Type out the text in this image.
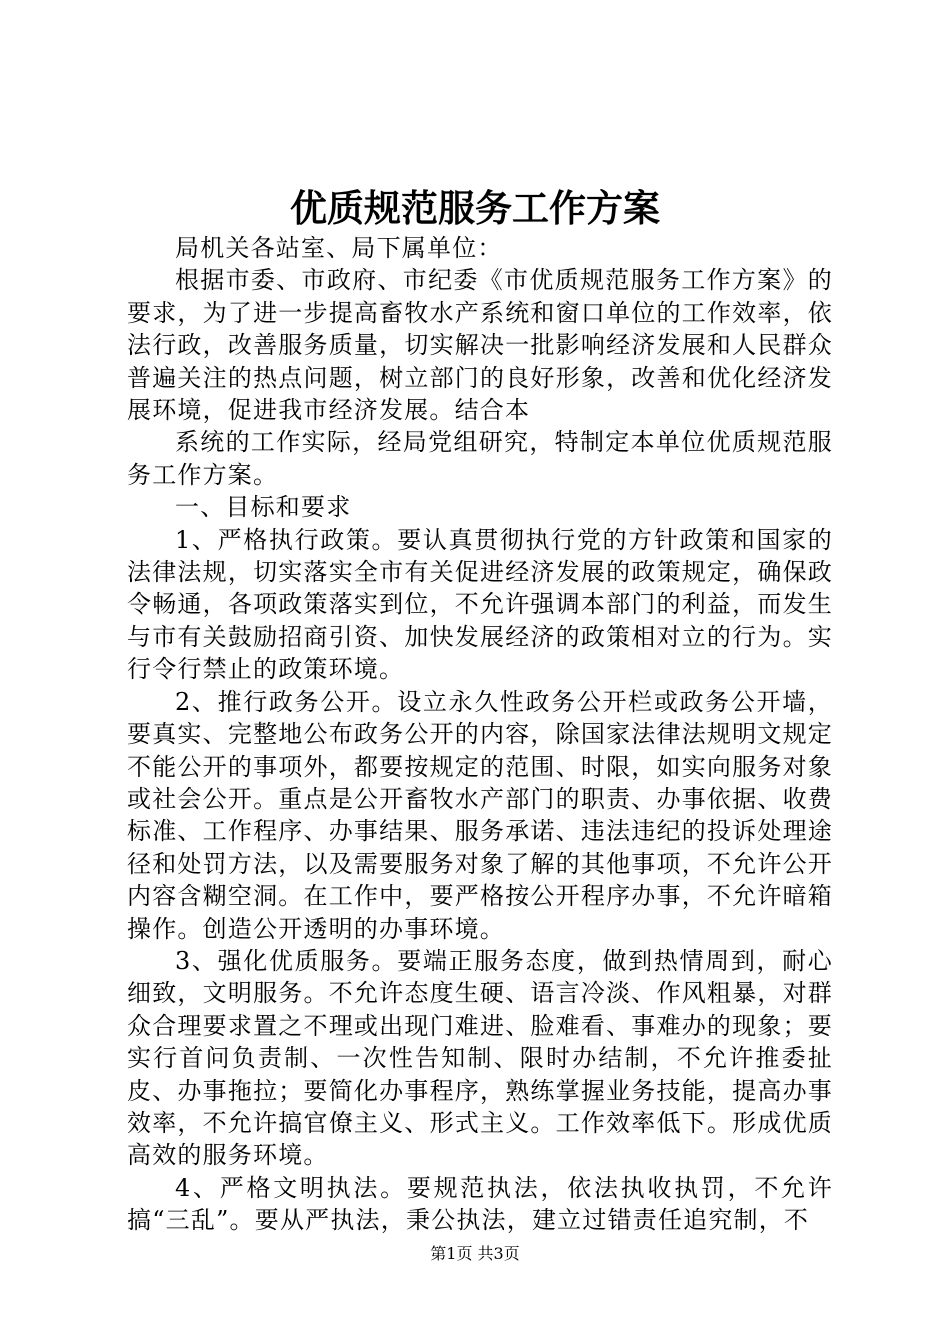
优质规范服务工作方案

局机关各站室、局下属单位：

根据市委、市政府、市纪委《市优质规范服务工作方案》的要求，为了进一步提高畜牧水产系统和窗口单位的工作效率，依法行政，改善服务质量，切实解决一批影响经济发展和人民群众普遍关注的热点问题，树立部门的良好形象，改善和优化经济发展环境，促进我市经济发展。结合本

系统的工作实际，经局党组研究，特制定本单位优质规范服务工作方案。

一、目标和要求

1、严格执行政策。要认真贯彻执行党的方针政策和国家的法律法规，切实落实全市有关促进经济发展的政策规定，确保政令畅通，各项政策落实到位，不允许强调本部门的利益，而发生与市有关鼓励招商引资、加快发展经济的政策相对立的行为。实行令行禁止的政策环境。

2、推行政务公开。设立永久性政务公开栏或政务公开墙，要真实、完整地公布政务公开的内容，除国家法律法规明文规定不能公开的事项外，都要按规定的范围、时限，如实向服务对象或社会公开。重点是公开畜牧水产部门的职责、办事依据、收费标准、工作程序、办事结果、服务承诺、违法违纪的投诉处理途径和处罚方法，以及需要服务对象了解的其他事项，不允许公开内容含糊空洞。在工作中，要严格按公开程序办事，不允许暗箱操作。创造公开透明的办事环境。

3、强化优质服务。要端正服务态度，做到热情周到，耐心细致，文明服务。不允许态度生硬、语言冷淡、作风粗暴，对群众合理要求置之不理或出现门难进、脸难看、事难办的现象；要实行首问负责制、一次性告知制、限时办结制，不允许推委扯皮、办事拖拉；要简化办事程序，熟练掌握业务技能，提高办事效率，不允许搞官僚主义、形式主义。工作效率低下。形成优质高效的服务环境。

4、严格文明执法。要规范执法，依法执收执罚，不允许搞“三乱”。要从严执法，秉公执法，建立过错责任追究制，不

第1页 共3页
